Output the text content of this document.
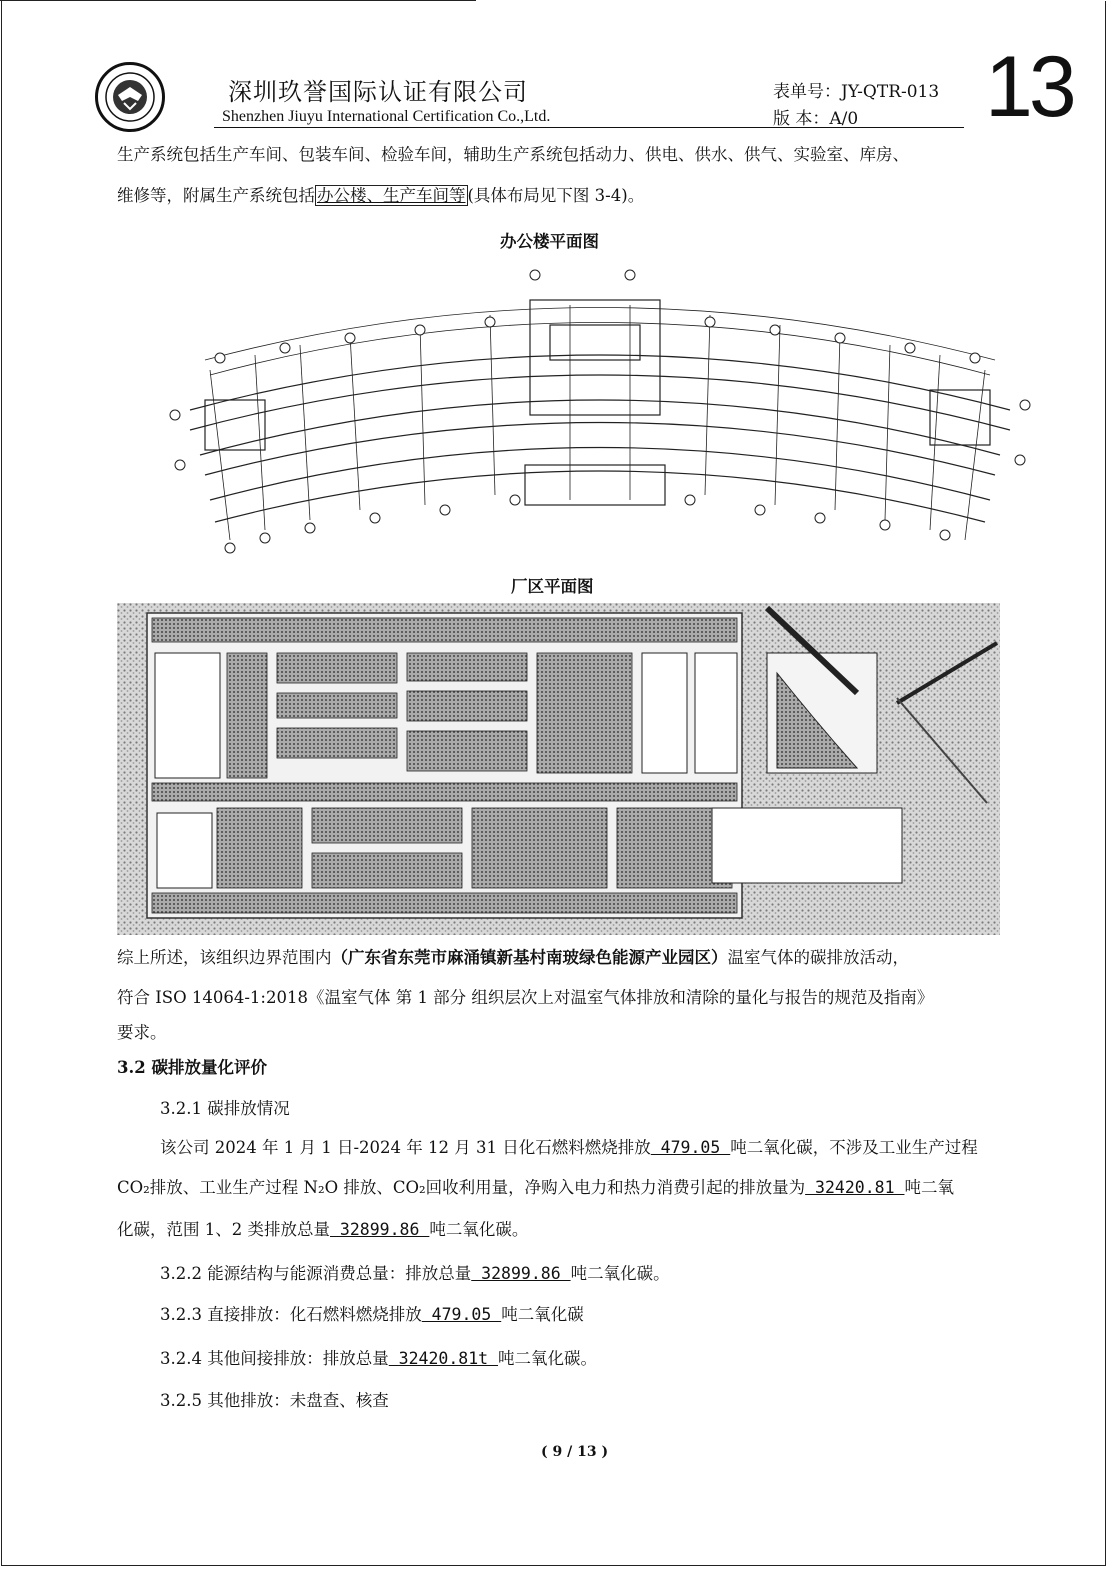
深圳玖誉国际认证有限公司
Shenzhen Jiuyu International Certification Co.,Ltd.
表单号：JY-QTR-013
版 本：A/0 13
生产系统包括生产车间、包装车间、检验车间，辅助生产系统包括动力、供电、供水、供气、实验室、库房、
维修等，附属生产系统包括 办公楼、生产车间等 (具体布局见下图 3-4)。
办公楼平面图
厂区平面图
综上所述，该组织边界范围内（广东省东莞市麻涌镇新基村南玻绿色能源产业园区）温室气体的碳排放活动，
符合 ISO 14064-1:2018《温室气体 第 1 部分 组织层次上对温室气体排放和清除的量化与报告的规范及指南》
要求。
3.2 碳排放量化评价
3.2.1 碳排放情况
该公司 2024 年 1 月 1 日-2024 年 12 月 31 日化石燃料燃烧排放 479.05 吨二氧化碳，不涉及工业生产过程
CO₂排放、工业生产过程 N₂O 排放、CO₂回收利用量，净购入电力和热力消费引起的排放量为 32420.81 吨二氧
化碳，范围 1、2 类排放总量 32899.86 吨二氧化碳。
3.2.2 能源结构与能源消费总量：排放总量 32899.86 吨二氧化碳。
3.2.3 直接排放：化石燃料燃烧排放 479.05 吨二氧化碳
3.2.4 其他间接排放：排放总量 32420.81t 吨二氧化碳。
3.2.5 其他排放：未盘查、核查
( 9 / 13 )
